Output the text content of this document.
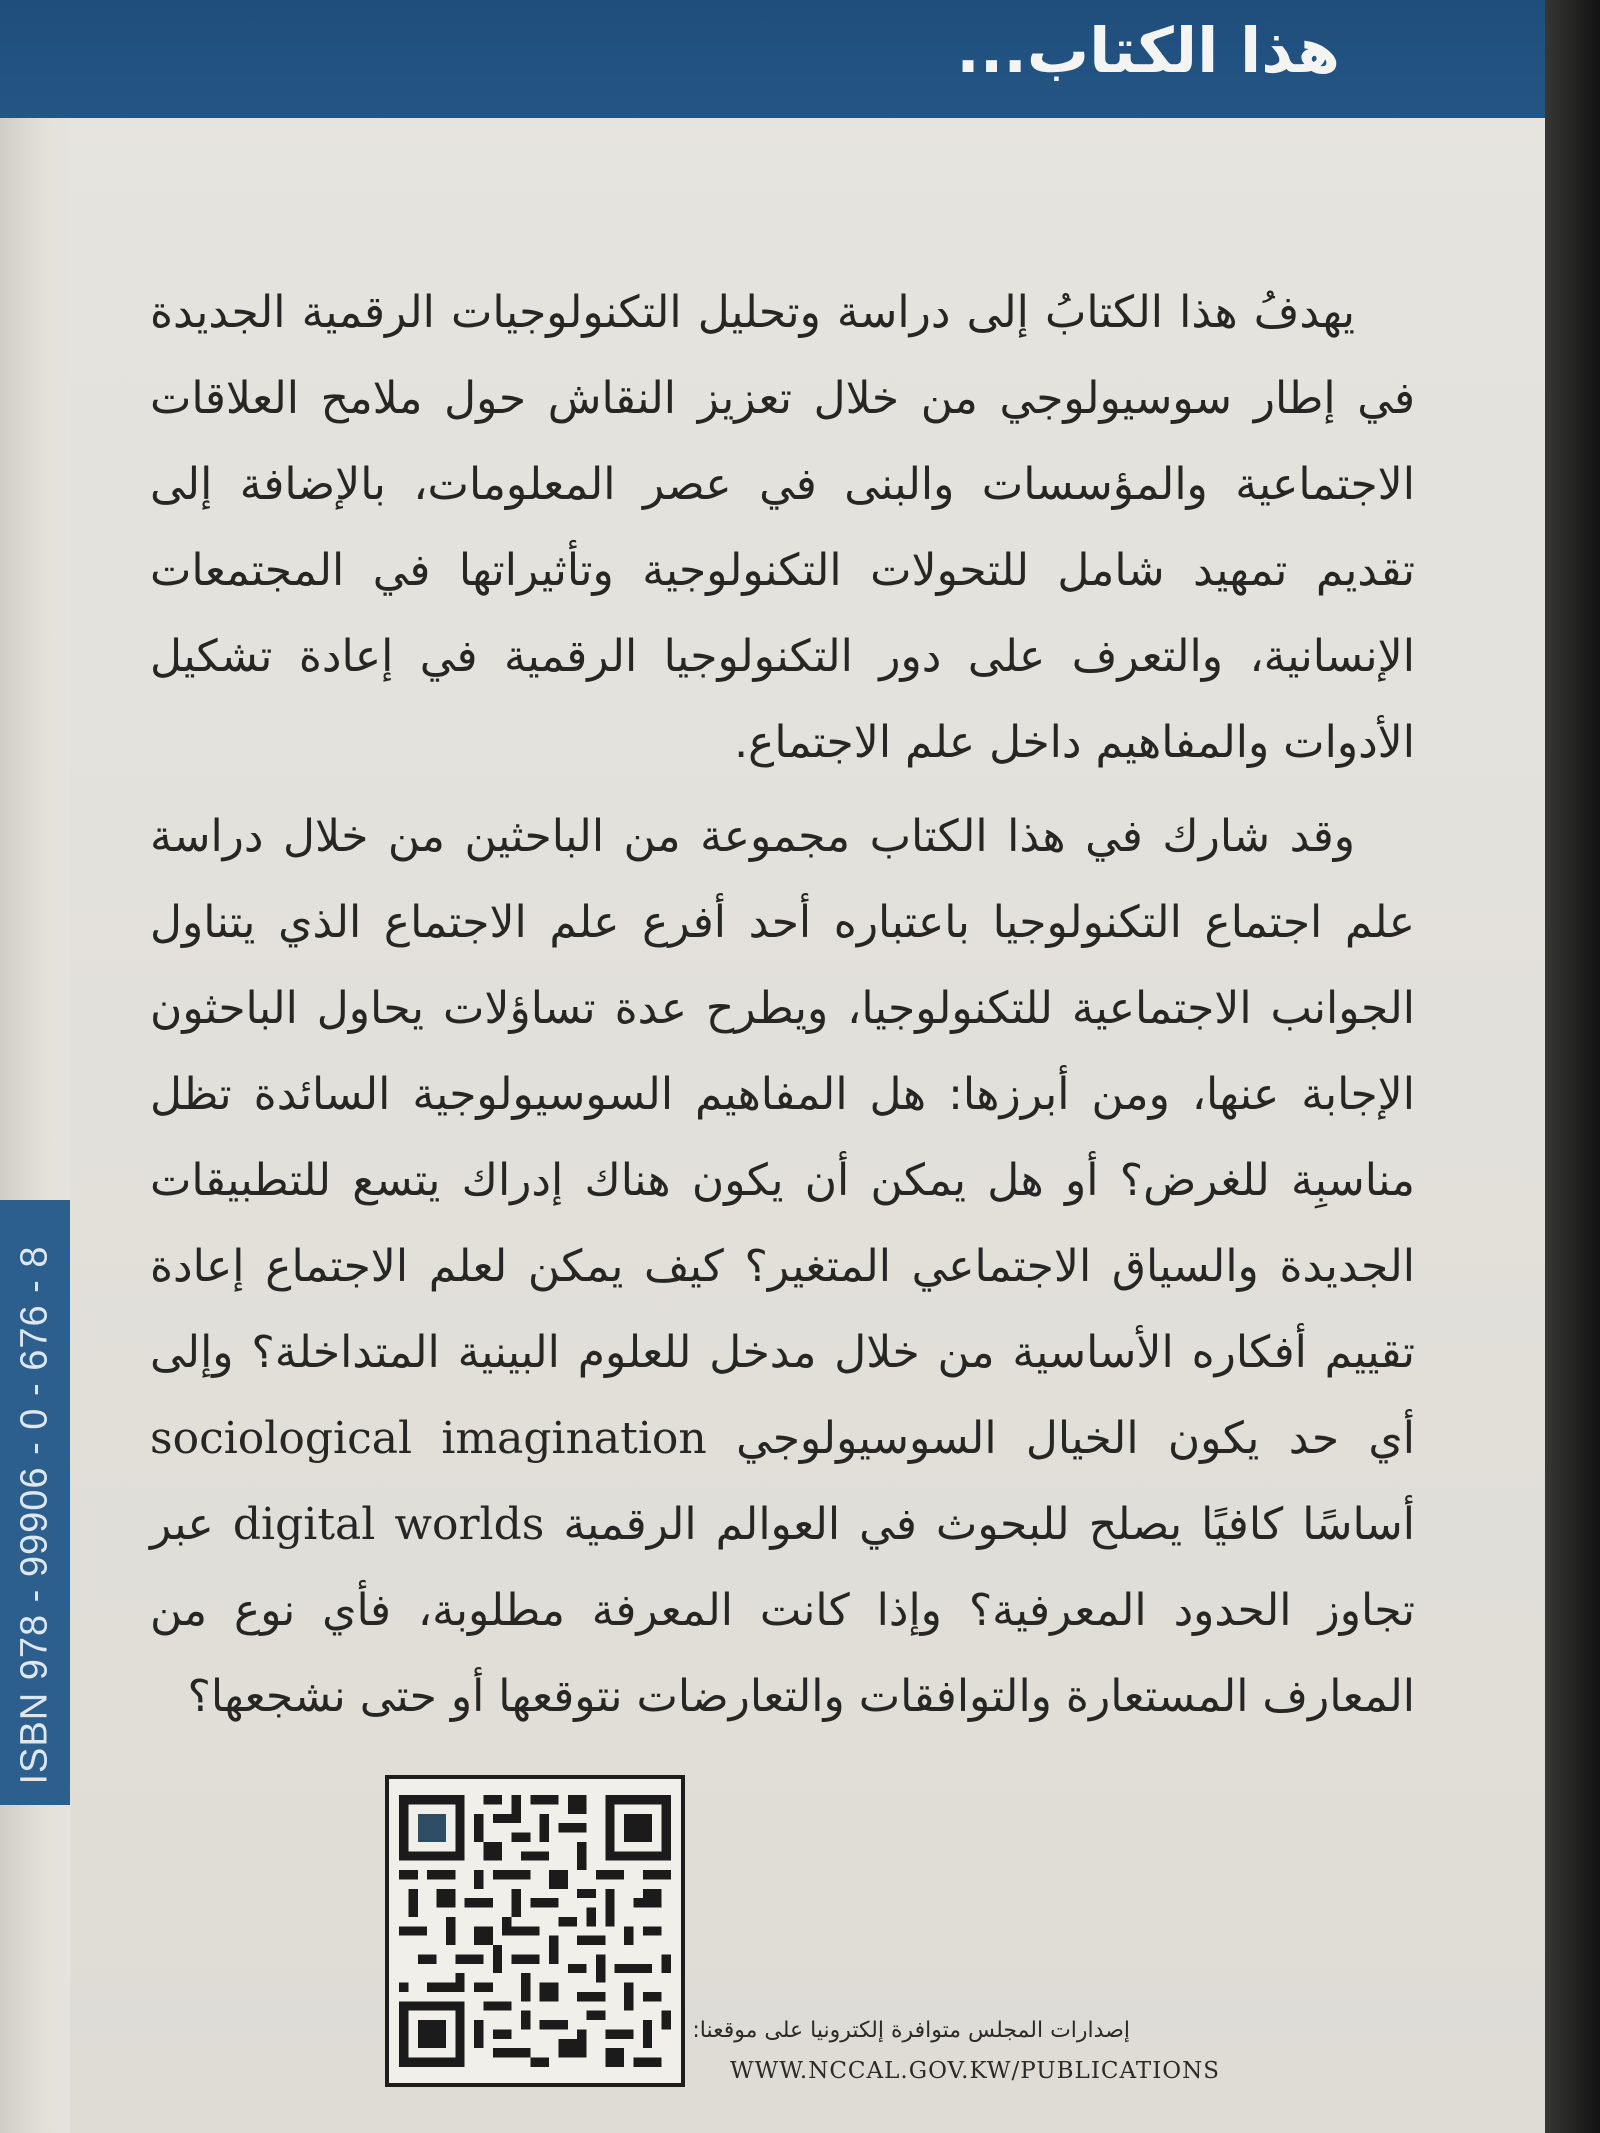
هذا الكتاب...

يهدفُ هذا الكتابُ إلى دراسة وتحليل التكنولوجيات الرقمية الجديدة في إطار سوسيولوجي من خلال تعزيز النقاش حول ملامح العلاقات الاجتماعية والمؤسسات والبنى في عصر المعلومات، بالإضافة إلى تقديم تمهيد شامل للتحولات التكنولوجية وتأثيراتها في المجتمعات الإنسانية، والتعرف على دور التكنولوجيا الرقمية في إعادة تشكيل الأدوات والمفاهيم داخل علم الاجتماع.

وقد شارك في هذا الكتاب مجموعة من الباحثين من خلال دراسة علم اجتماع التكنولوجيا باعتباره أحد أفرع علم الاجتماع الذي يتناول الجوانب الاجتماعية للتكنولوجيا، ويطرح عدة تساؤلات يحاول الباحثون الإجابة عنها، ومن أبرزها: هل المفاهيم السوسيولوجية السائدة تظل مناسبِة للغرض؟ أو هل يمكن أن يكون هناك إدراك يتسع للتطبيقات الجديدة والسياق الاجتماعي المتغير؟ كيف يمكن لعلم الاجتماع إعادة تقييم أفكاره الأساسية من خلال مدخل للعلوم البينية المتداخلة؟ وإلى أي حد يكون الخيال السوسيولوجي sociological imagination أساسًا كافيًا يصلح للبحوث في العوالم الرقمية digital worlds عبر تجاوز الحدود المعرفية؟ وإذا كانت المعرفة مطلوبة، فأي نوع من المعارف المستعارة والتوافقات والتعارضات نتوقعها أو حتى نشجعها؟

ISBN 978 - 99906 - 0 - 676 - 8
إصدارات المجلس متوافرة إلكترونيا على موقعنا:
WWW.NCCAL.GOV.KW/PUBLICATIONS
